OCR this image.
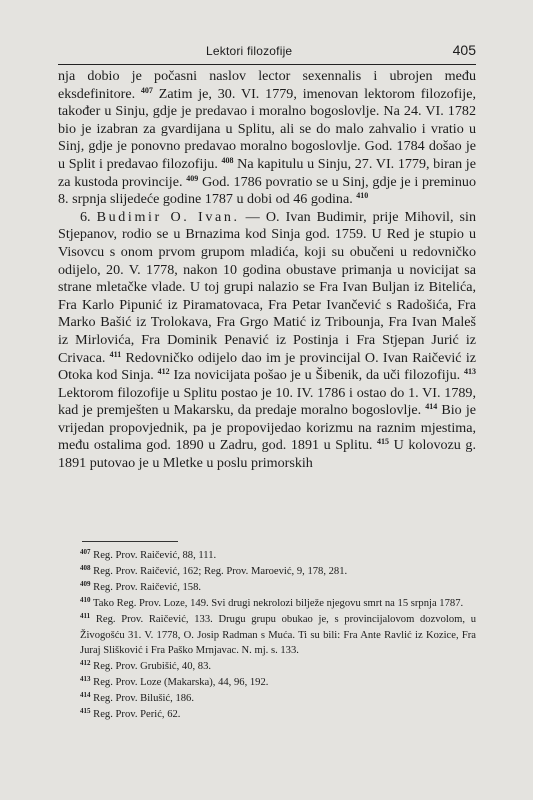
Lektori filozofije	405

nja dobio je počasni naslov lector sexennalis i ubrojen među eksdefinitore. $^{407}$ Zatim je, 30. VI. 1779, imenovan lektorom filozofije, također u Sinju, gdje je predavao i moralno bogoslovlje. Na 24. VI. 1782 bio je izabran za gvardijana u Splitu, ali se do malo zahvalio i vratio u Sinj, gdje je ponovno predavao moralno bogoslovlje. God. 1784 došao je u Split i predavao filozofiju. $^{408}$ Na kapitulu u Sinju, 27. VI. 1779, biran je za kustoda provincije. $^{409}$ God. 1786 povratio se u Sinj, gdje je i preminuo 8. srpnja slijedeće godine 1787 u dobi od 46 godina. $^{410}$

6. Budimir O. Ivan. — O. Ivan Budimir, prije Mihovil, sin Stjepanov, rodio se u Brnazima kod Sinja god. 1759. U Red je stupio u Visovcu s onom prvom grupom mladića, koji su obučeni u redovničko odijelo, 20. V. 1778, nakon 10 godina obustave primanja u novicijat sa strane mletačke vlade. U toj grupi nalazio se Fra Ivan Buljan iz Bitelića, Fra Karlo Pipunić iz Piramatovaca, Fra Petar Ivančević s Radošića, Fra Marko Bašić iz Trolokava, Fra Grgo Matić iz Tribounja, Fra Ivan Maleš iz Mirlovića, Fra Dominik Penavić iz Postinja i Fra Stjepan Jurić iz Crivaca. $^{411}$ Redovničko odijelo dao im je provincijal O. Ivan Raičević iz Otoka kod Sinja. $^{412}$ Iza novicijata pošao je u Šibenik, da uči filozofiju. $^{413}$ Lektorom filozofije u Splitu postao je 10. IV. 1786 i ostao do 1. VI. 1789, kad je premješten u Makarsku, da predaje moralno bogoslovlje. $^{414}$ Bio je vrijedan propovjednik, pa je propovijedao korizmu na raznim mjestima, među ostalima god. 1890 u Zadru, god. 1891 u Splitu. $^{415}$ U kolovozu g. 1891 putovao je u Mletke u poslu primorskih

$^{407}$ Reg. Prov. Raičević, 88, 111.

$^{408}$ Reg. Prov. Raičević, 162; Reg. Prov. Maroević, 9, 178, 281.

$^{409}$ Reg. Prov. Raičević, 158.

$^{410}$ Tako Reg. Prov. Loze, 149. Svi drugi nekrolozi bilježe njegovu smrt na 15 srpnja 1787.

$^{411}$ Reg. Prov. Raičević, 133. Drugu grupu obukao je, s provincijalovom dozvolom, u Živogošću 31. V. 1778, O. Josip Radman s Muća. Ti su bili: Fra Ante Ravlić iz Kozice, Fra Juraj Slišković i Fra Paško Mrnjavac. N. mj. s. 133.

$^{412}$ Reg. Prov. Grubišić, 40, 83.

$^{413}$ Reg. Prov. Loze (Makarska), 44, 96, 192.

$^{414}$ Reg. Prov. Bilušić, 186.

$^{415}$ Reg. Prov. Perić, 62.
